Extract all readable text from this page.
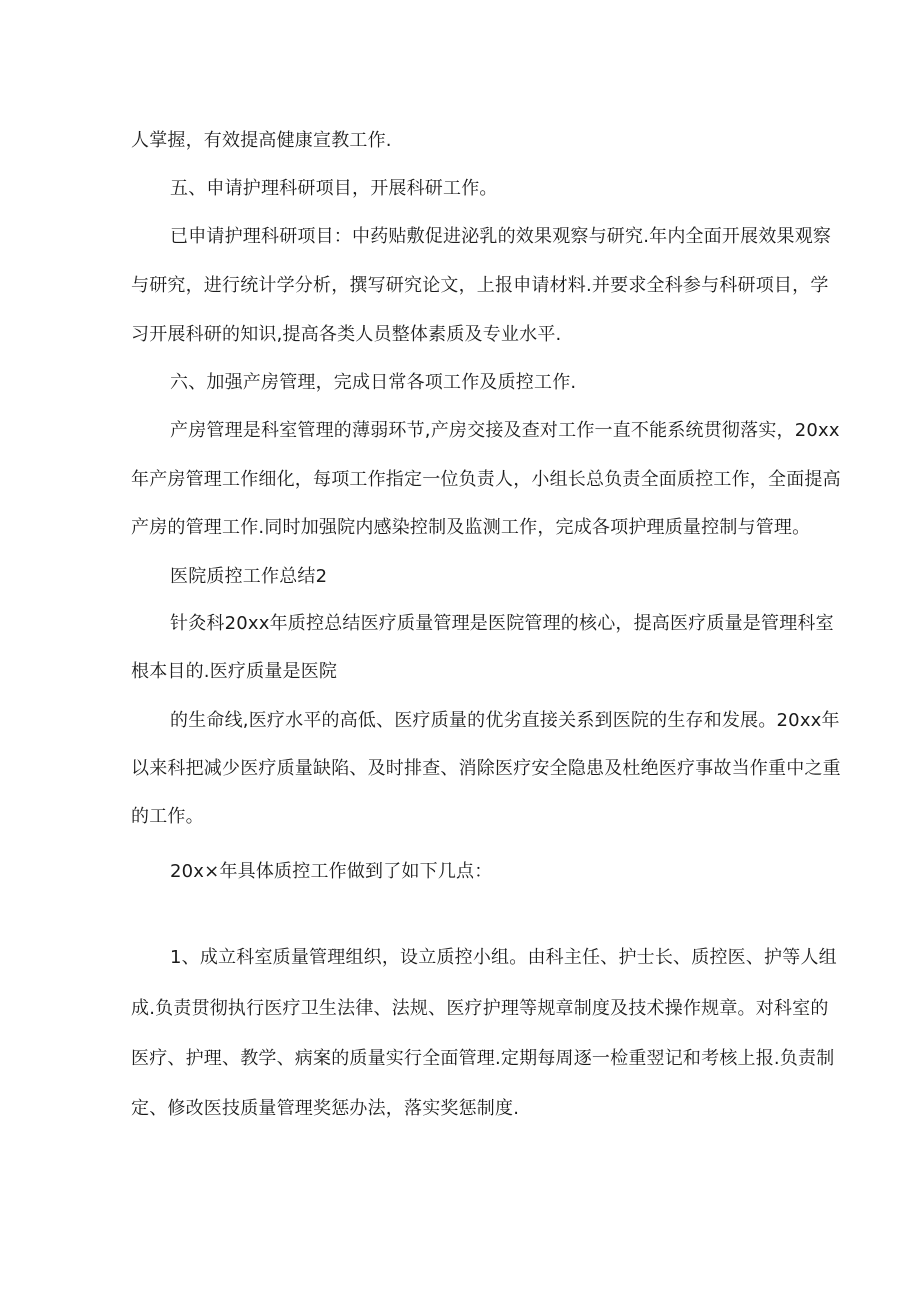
人掌握，有效提高健康宣教工作.
五、申请护理科研项目，开展科研工作。
已申请护理科研项目：中药贴敷促进泌乳的效果观察与研究.年内全面开展效果观察
与研究，进行统计学分析，撰写研究论文，上报申请材料.并要求全科参与科研项目，学
习开展科研的知识,提高各类人员整体素质及专业水平.
六、加强产房管理，完成日常各项工作及质控工作.
产房管理是科室管理的薄弱环节,产房交接及查对工作一直不能系统贯彻落实，20xx
年产房管理工作细化，每项工作指定一位负责人，小组长总负责全面质控工作，全面提高
产房的管理工作.同时加强院内感染控制及监测工作，完成各项护理质量控制与管理。
医院质控工作总结2
针灸科20xx年质控总结医疗质量管理是医院管理的核心，提高医疗质量是管理科室
根本目的.医疗质量是医院
的生命线,医疗水平的高低、医疗质量的优劣直接关系到医院的生存和发展。20xx年
以来科把减少医疗质量缺陷、及时排查、消除医疗安全隐患及杜绝医疗事故当作重中之重
的工作。
20x×年具体质控工作做到了如下几点：
1、成立科室质量管理组织，设立质控小组。由科主任、护士长、质控医、护等人组
成.负责贯彻执行医疗卫生法律、法规、医疗护理等规章制度及技术操作规章。对科室的
医疗、护理、教学、病案的质量实行全面管理.定期每周逐一检重翌记和考核上报.负责制
定、修改医技质量管理奖惩办法，落实奖惩制度.
